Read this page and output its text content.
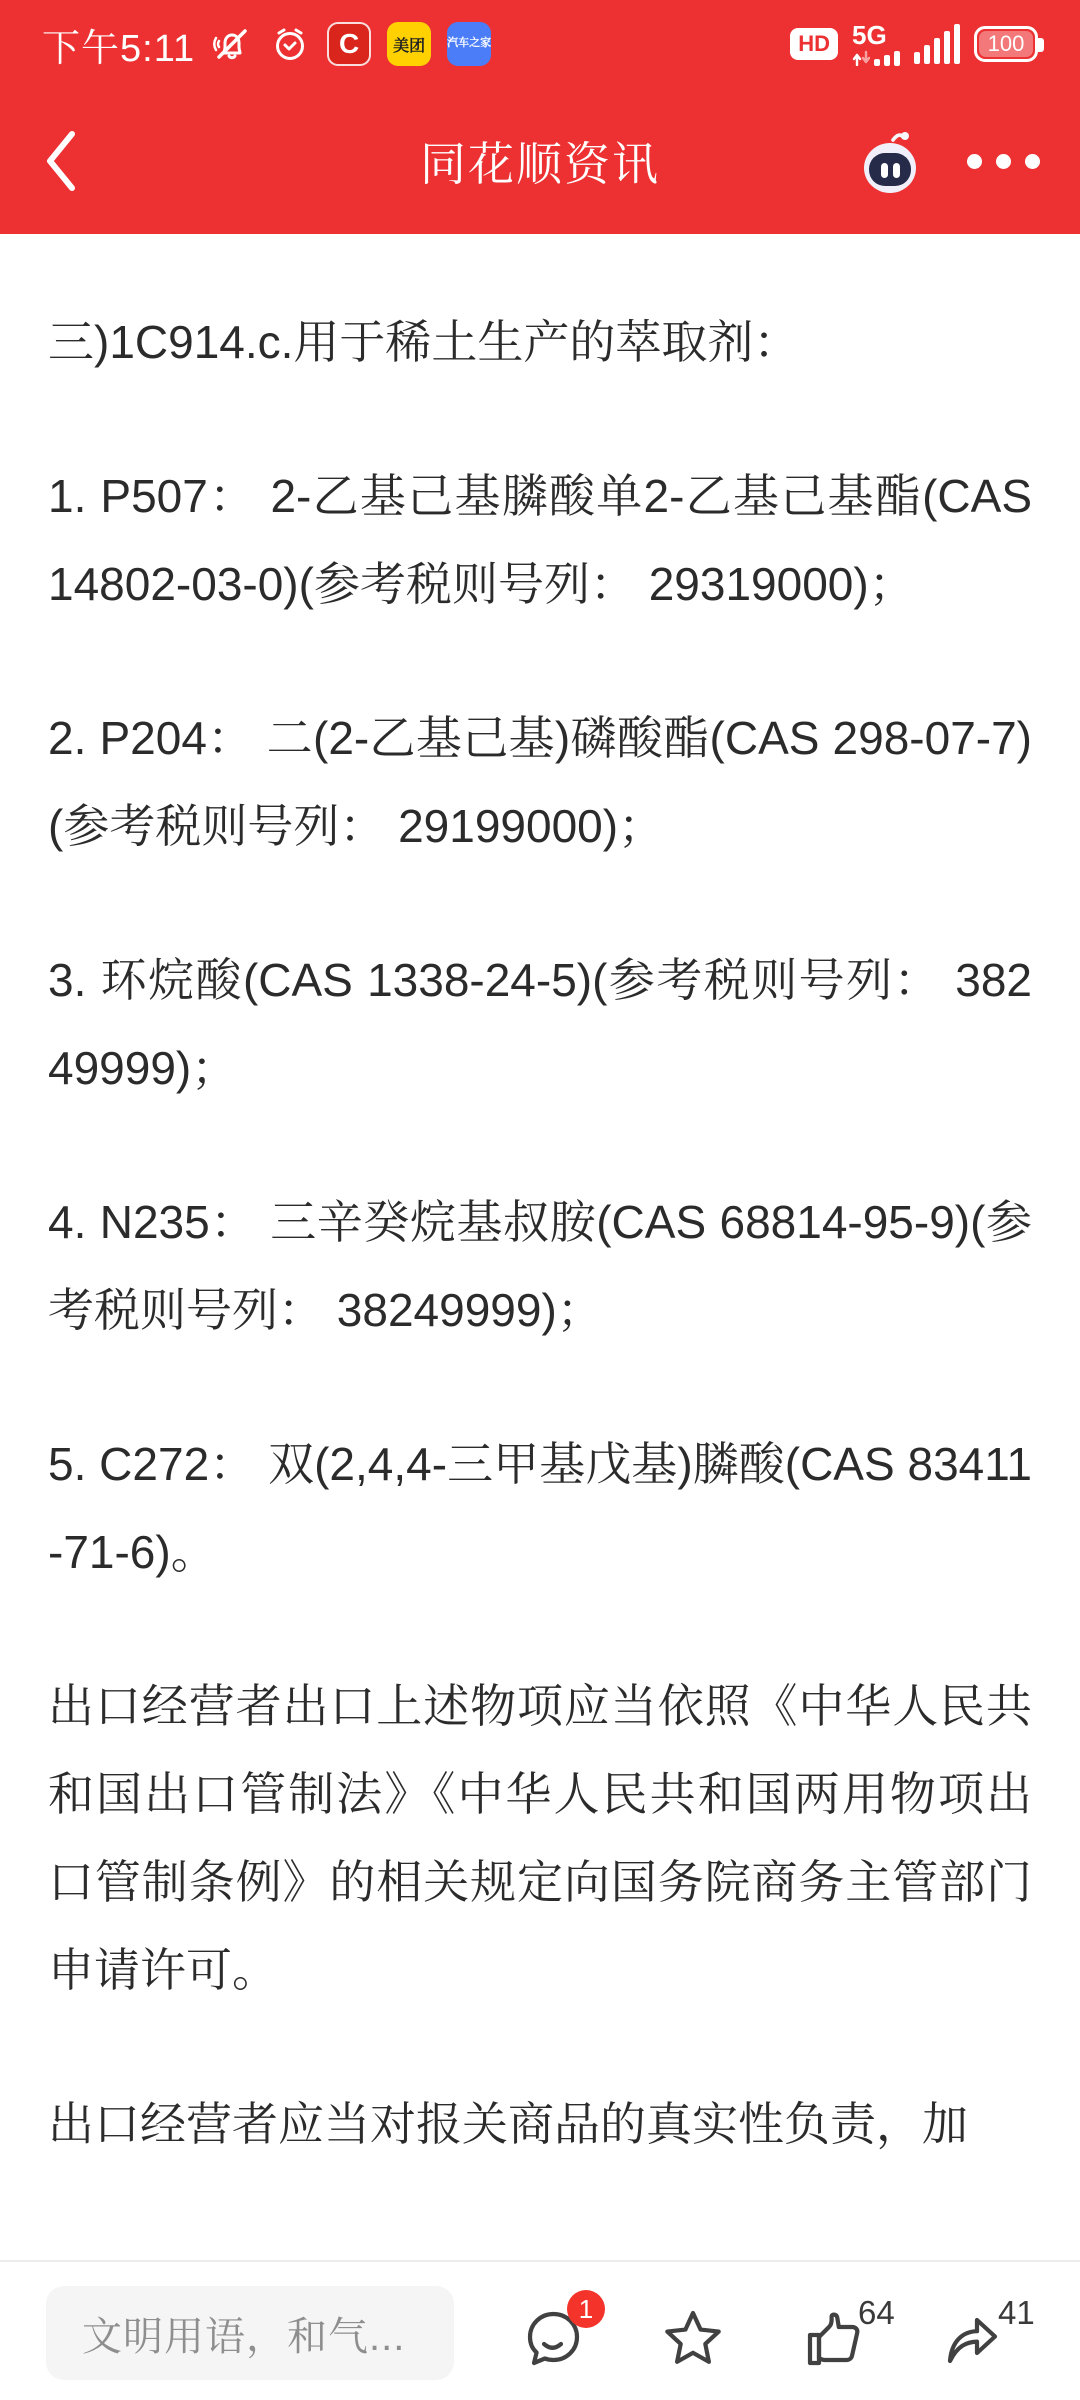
下午5:11	C 美团 汽车之家	HD 5G	100
同花顺资讯

三)1C914.c.用于稀土生产的萃取剂：

1. P507： 2-乙基己基膦酸单2-乙基己基酯(CAS 14802-03-0)(参考税则号列： 29319000)；

2. P204： 二(2-乙基己基)磷酸酯(CAS 298-07-7)(参考税则号列： 29199000)；

3. 环烷酸(CAS 1338-24-5)(参考税则号列： 38249999)；

4. N235： 三辛癸烷基叔胺(CAS 68814-95-9)(参考税则号列： 38249999)；

5. C272： 双(2,4,4-三甲基戊基)膦酸(CAS 83411-71-6)。

出口经营者出口上述物项应当依照《中华人民共和国出口管制法》《中华人民共和国两用物项出口管制条例》的相关规定向国务院商务主管部门申请许可。

出口经营者应当对报关商品的真实性负责，加

文明用语，和气...
1	64	41
